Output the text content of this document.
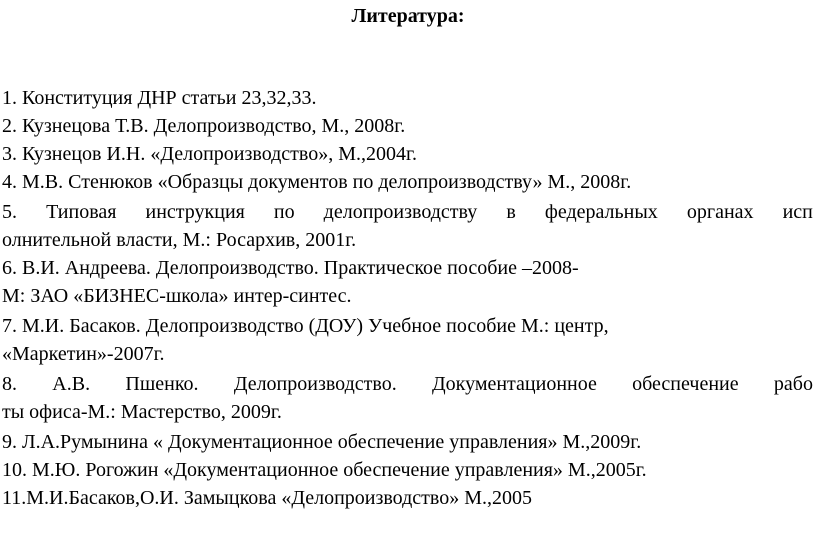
Литература:
1. Конституция ДНР статьи 23,32,33.
2. Кузнецова Т.В. Делопроизводство, М., 2008г.
3. Кузнецов И.Н. «Делопроизводство», М.,2004г.
4. М.В. Стенюков «Образцы документов по делопроизводству» М., 2008г.
5. Типовая инструкция по делопроизводству в федеральных органах исп
олнительной власти, М.: Росархив, 2001г.
6. В.И. Андреева. Делопроизводство. Практическое пособие –2008-
М: ЗАО «БИЗНЕС-школа» интер-синтес.
7. М.И. Басаков. Делопроизводство (ДОУ) Учебное пособие М.: центр,
«Маркетин»-2007г.
8. А.В. Пшенко. Делопроизводство. Документационное обеспечение рабо
ты офиса-М.: Мастерство, 2009г.
9. Л.А.Румынина « Документационное обеспечение управления» М.,2009г.
10. М.Ю. Рогожин «Документационное обеспечение управления» М.,2005г.
11.М.И.Басаков,О.И. Замыцкова «Делопроизводство» М.,2005
